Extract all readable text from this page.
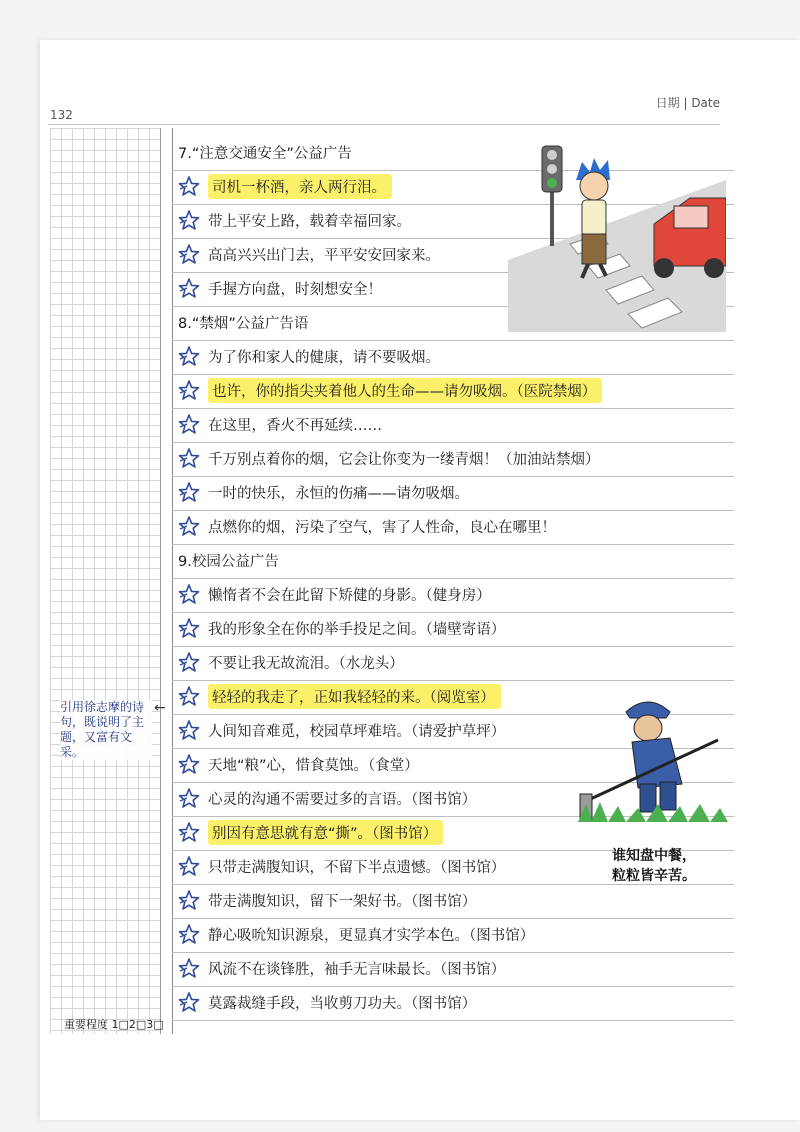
132
日期 | Date
7.“注意交通安全”公益广告
司机一杯酒，亲人两行泪。
带上平安上路，载着幸福回家。
高高兴兴出门去，平平安安回家来。
手握方向盘，时刻想安全！
8.“禁烟”公益广告语
为了你和家人的健康，请不要吸烟。
也许，你的指尖夹着他人的生命——请勿吸烟。（医院禁烟）
在这里，香火不再延续……
千万别点着你的烟，它会让你变为一缕青烟！（加油站禁烟）
一时的快乐，永恒的伤痛——请勿吸烟。
点燃你的烟，污染了空气，害了人性命，良心在哪里！
9.校园公益广告
懒惰者不会在此留下矫健的身影。（健身房）
我的形象全在你的举手投足之间。（墙壁寄语）
不要让我无故流泪。（水龙头）
轻轻的我走了，正如我轻轻的来。（阅览室）
人间知音难觅，校园草坪难培。（请爱护草坪）
天地“粮”心，惜食莫蚀。（食堂）
心灵的沟通不需要过多的言语。（图书馆）
别因有意思就有意“撕”。（图书馆）
只带走满腹知识，不留下半点遗憾。（图书馆）
带走满腹知识，留下一架好书。（图书馆）
静心吸吮知识源泉，更显真才实学本色。（图书馆）
风流不在谈锋胜，袖手无言味最长。（图书馆）
莫露裁缝手段，当收剪刀功夫。（图书馆）
←
引用徐志摩的诗句，既说明了主题，又富有文采。
重要程度 1□2□3□
谁知盘中餐，
粒粒皆辛苦。
